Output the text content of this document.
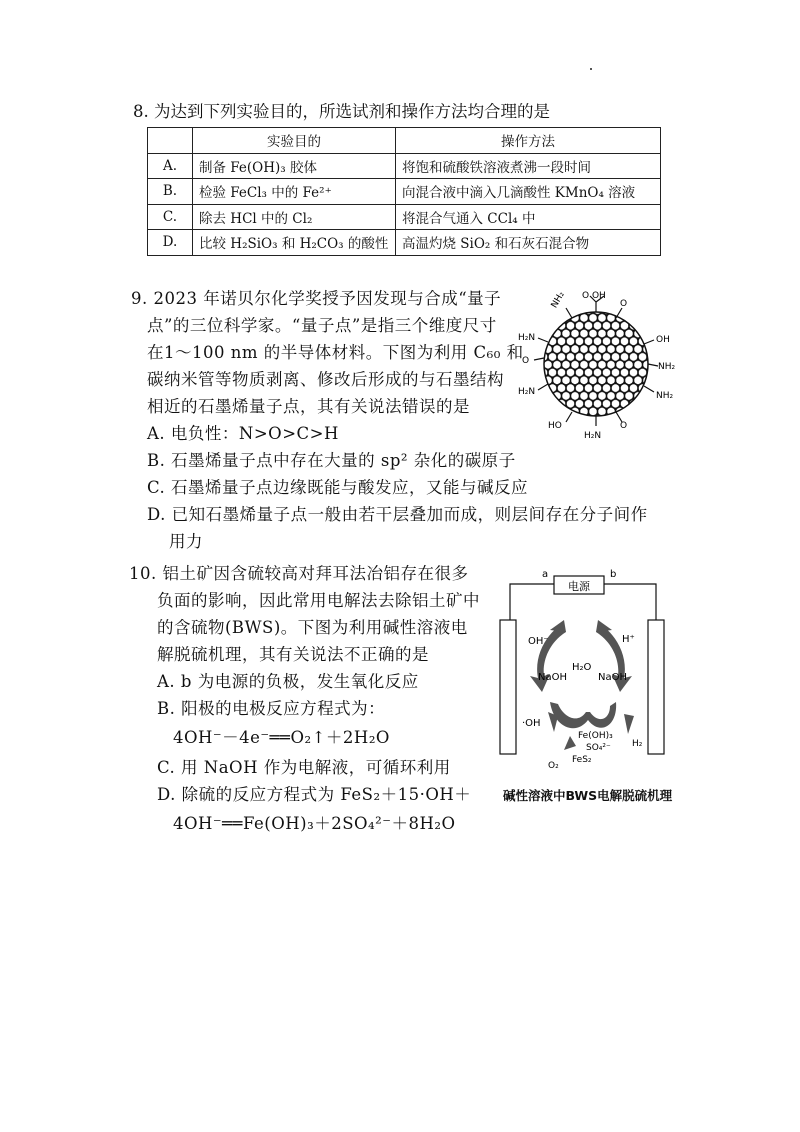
8. 为达到下列实验目的，所选试剂和操作方法均合理的是
	实验目的	操作方法
A.	制备 Fe(OH)₃ 胶体	将饱和硫酸铁溶液煮沸一段时间
B.	检验 FeCl₃ 中的 Fe²⁺	向混合液中滴入几滴酸性 KMnO₄ 溶液
C.	除去 HCl 中的 Cl₂	将混合气通入 CCl₄ 中
D.	比较 H₂SiO₃ 和 H₂CO₃ 的酸性	高温灼烧 SiO₂ 和石灰石混合物
9. 2023 年诺贝尔化学奖授予因发现与合成“量子
点”的三位科学家。“量子点”是指三个维度尺寸
在1～100 nm 的半导体材料。下图为利用 C₆₀ 和
碳纳米管等物质剥离、修改后形成的与石墨结构
相近的石墨烯量子点，其有关说法错误的是
A. 电负性：N>O>C>H
B. 石墨烯量子点中存在大量的 sp² 杂化的碳原子
C. 石墨烯量子点边缘既能与酸发应，又能与碱反应
D. 已知石墨烯量子点一般由若干层叠加而成，则层间存在分子间作
用力
O OH
NH₂	O
H₂N
O
H₂N
OH
NH₂
NH₂
HO
H₂N
O
10. 铝土矿因含硫较高对拜耳法冶铝存在很多
负面的影响，因此常用电解法去除铝土矿中
的含硫物(BWS)。下图为利用碱性溶液电
解脱硫机理，其有关说法不正确的是
A. b 为电源的负极，发生氧化反应
B. 阳极的电极反应方程式为：
4OH⁻－4e⁻══O₂↑＋2H₂O
C. 用 NaOH 作为电解液，可循环利用
D. 除硫的反应方程式为 FeS₂＋15·OH＋
4OH⁻══Fe(OH)₃＋2SO₄²⁻＋8H₂O
a	b
电源
OH⁻	H⁺
NaOH
H₂O
NaOH
·OH
Fe(OH)₃
SO₄²⁻ H₂
O₂
FeS₂
碱性溶液中BWS电解脱硫机理
